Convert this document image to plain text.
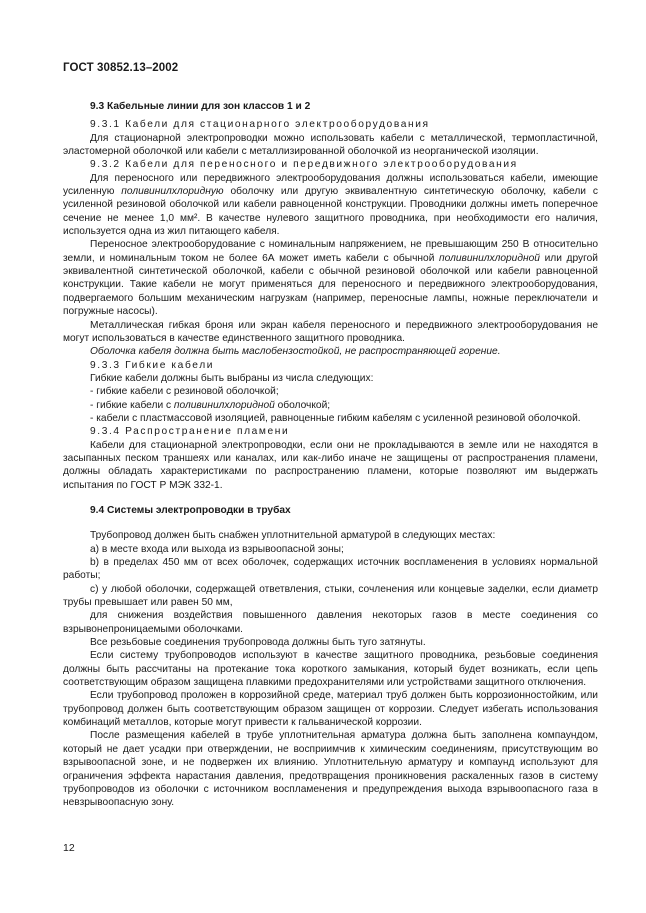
ГОСТ 30852.13–2002

9.3 Кабельные линии для зон классов 1 и 2

9.3.1 Кабели для стационарного электрооборудования

Для стационарной электропроводки можно использовать кабели с металлической, термопластичной, эластомерной оболочкой или кабели с металлизированной оболочкой из неорганической изоляции.

9.3.2 Кабели для переносного и передвижного электрооборудования

Для переносного или передвижного электрооборудования должны использоваться кабели, имеющие усиленную поливинилхлоридную оболочку или другую эквивалентную синтетическую оболочку, кабели с усиленной резиновой оболочкой или кабели равноценной конструкции. Проводники должны иметь поперечное сечение не менее 1,0 мм². В качестве нулевого защитного проводника, при необходимости его наличия, используется одна из жил питающего кабеля.

Переносное электрооборудование с номинальным напряжением, не превышающим 250 В относительно земли, и номинальным током не более 6А может иметь кабели с обычной поливинилхлоридной или другой эквивалентной синтетической оболочкой, кабели с обычной резиновой оболочкой или кабели равноценной конструкции. Такие кабели не могут применяться для переносного и передвижного электрооборудования, подвергаемого большим механическим нагрузкам (например, переносные лампы, ножные переключатели и погружные насосы).

Металлическая гибкая броня или экран кабеля переносного и передвижного электрооборудования не могут использоваться в качестве единственного защитного проводника.

Оболочка кабеля должна быть маслобензостойкой, не распространяющей горение.

9.3.3 Гибкие кабели

Гибкие кабели должны быть выбраны из числа следующих:

- гибкие кабели с резиновой оболочкой;

- гибкие кабели с поливинилхлоридной оболочкой;

- кабели с пластмассовой изоляцией, равноценные гибким кабелям с усиленной резиновой оболочкой.

9.3.4 Распространение пламени

Кабели для стационарной электропроводки, если они не прокладываются в земле или не находятся в засыпанных песком траншеях или каналах, или как-либо иначе не защищены от распространения пламени, должны обладать характеристиками по распространению пламени, которые позволяют им выдержать испытания по ГОСТ Р МЭК 332-1.

9.4 Системы электропроводки в трубах

Трубопровод должен быть снабжен уплотнительной арматурой в следующих местах:

а) в месте входа или выхода из взрывоопасной зоны;

b) в пределах 450 мм от всех оболочек, содержащих источник воспламенения в условиях нормальной работы;

c) у любой оболочки, содержащей ответвления, стыки, сочленения или концевые заделки, если диаметр трубы превышает или равен 50 мм,

для снижения воздействия повышенного давления некоторых газов в месте соединения со взрывонепроницаемыми оболочками.

Все резьбовые соединения трубопровода должны быть туго затянуты.

Если систему трубопроводов используют в качестве защитного проводника, резьбовые соединения должны быть рассчитаны на протекание тока короткого замыкания, который будет возникать, если цепь соответствующим образом защищена плавкими предохранителями или устройствами защитного отключения.

Если трубопровод проложен в коррозийной среде, материал труб должен быть коррозионностойким, или трубопровод должен быть соответствующим образом защищен от коррозии. Следует избегать использования комбинаций металлов, которые могут привести к гальванической коррозии.

После размещения кабелей в трубе уплотнительная арматура должна быть заполнена компаундом, который не дает усадки при отверждении, не восприимчив к химическим соединениям, присутствующим во взрывоопасной зоне, и не подвержен их влиянию. Уплотнительную арматуру и компаунд используют для ограничения эффекта нарастания давления, предотвращения проникновения раскаленных газов в систему трубопроводов из оболочки с источником воспламенения и предупреждения выхода взрывоопасного газа в невзрывоопасную зону.

12
